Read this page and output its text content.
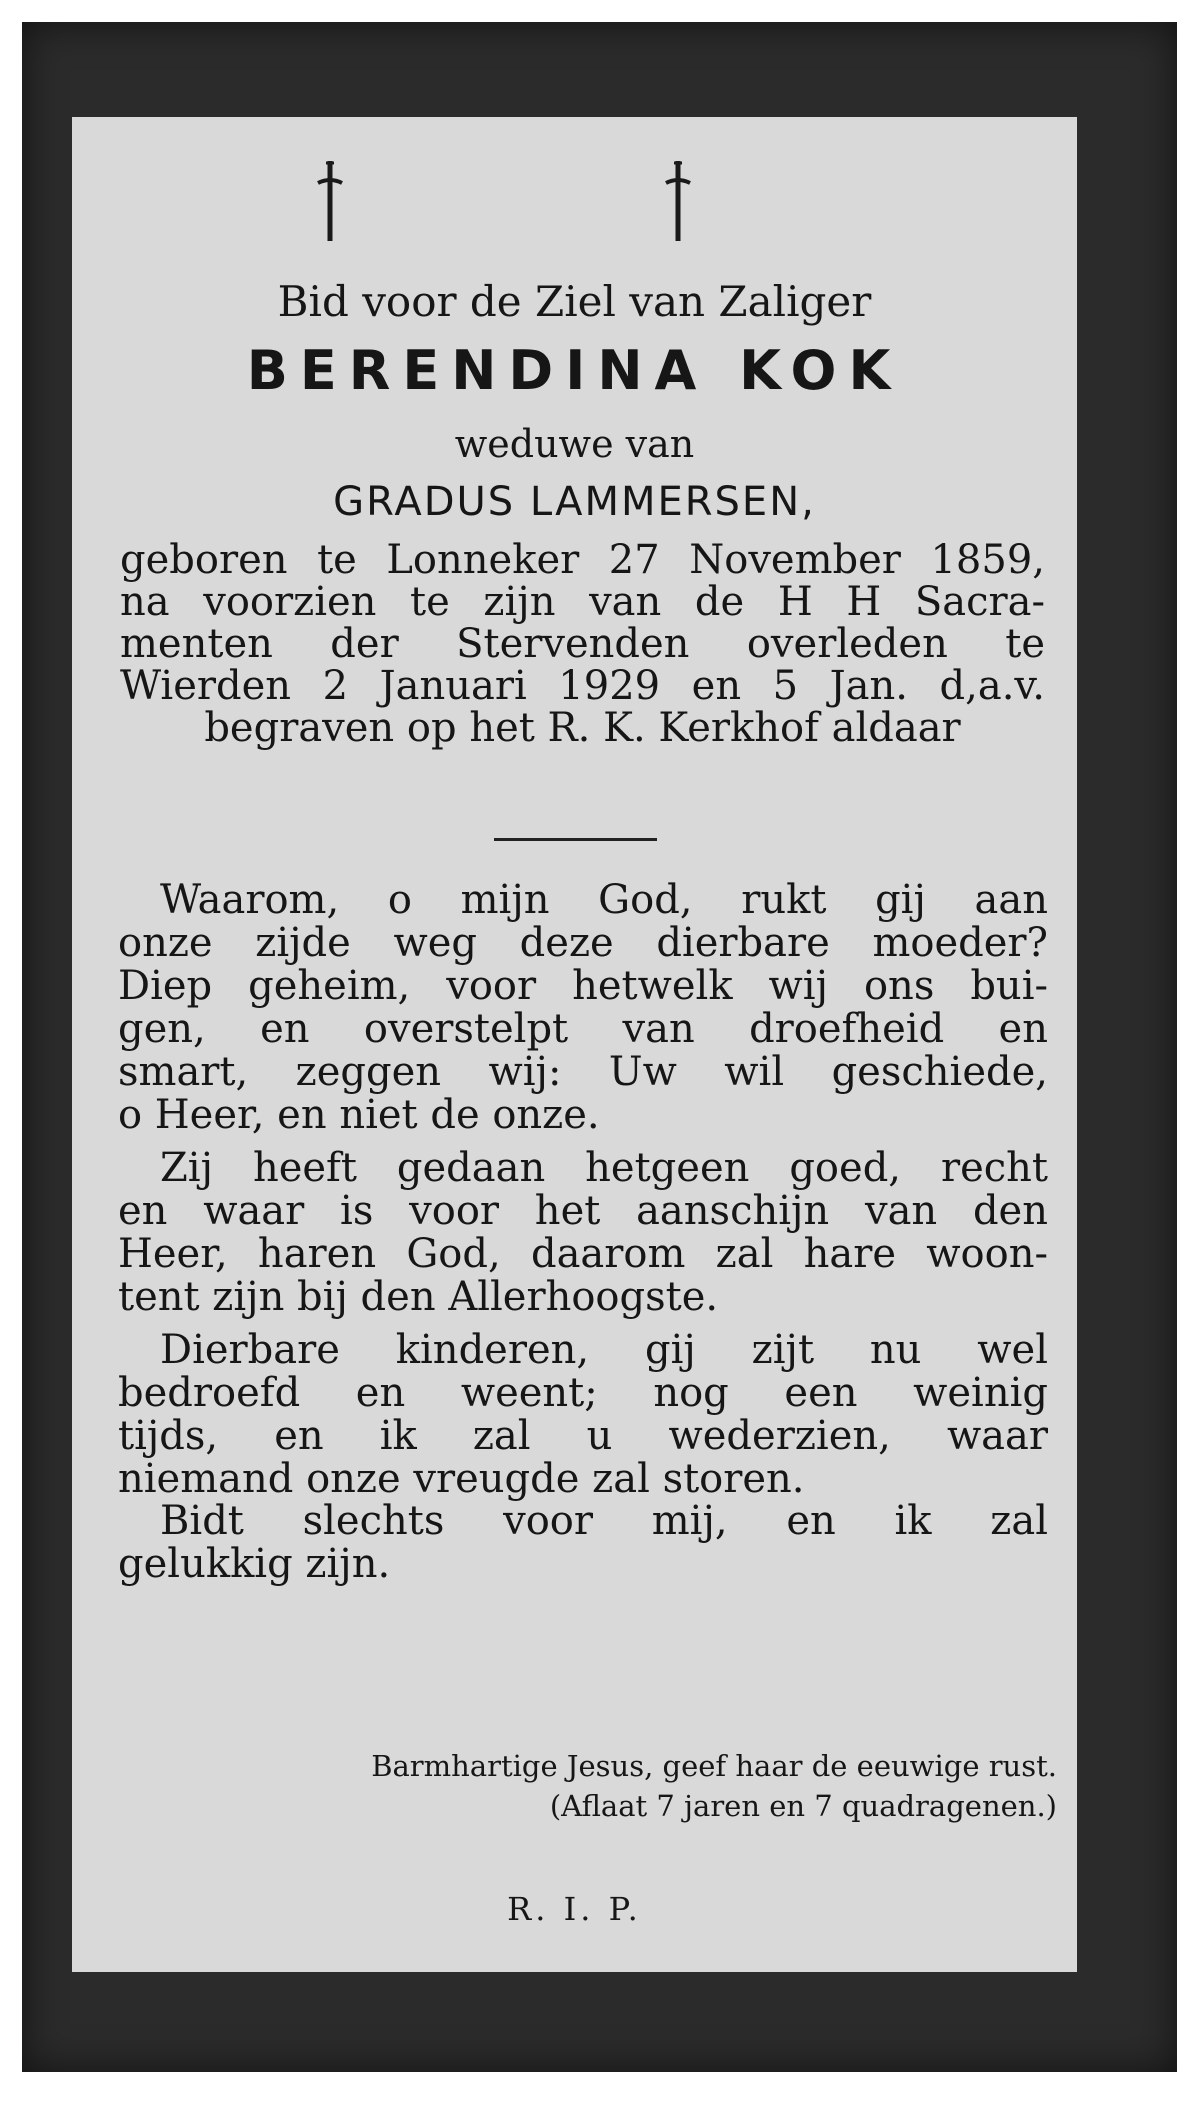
Bid voor de Ziel van Zaliger
BERENDINA KOK
weduwe van
GRADUS LAMMERSEN,
geboren te Lonneker 27 November 1859,
na voorzien te zijn van de H H Sacra-
menten der Stervenden overleden te
Wierden 2 Januari 1929 en 5 Jan. d,a.v.
begraven op het R. K. Kerkhof aldaar
Waarom, o mijn God, rukt gij aan
onze zijde weg deze dierbare moeder?
Diep geheim, voor hetwelk wij ons bui-
gen, en overstelpt van droefheid en
smart, zeggen wij: Uw wil geschiede,
o Heer, en niet de onze.
Zij heeft gedaan hetgeen goed, recht
en waar is voor het aanschijn van den
Heer, haren God, daarom zal hare woon-
tent zijn bij den Allerhoogste.
Dierbare kinderen, gij zijt nu wel
bedroefd en weent; nog een weinig
tijds, en ik zal u wederzien, waar
niemand onze vreugde zal storen.
Bidt slechts voor mij, en ik zal
gelukkig zijn.
Barmhartige Jesus, geef haar de eeuwige rust.
(Aflaat 7 jaren en 7 quadragenen.)
R. I. P.
